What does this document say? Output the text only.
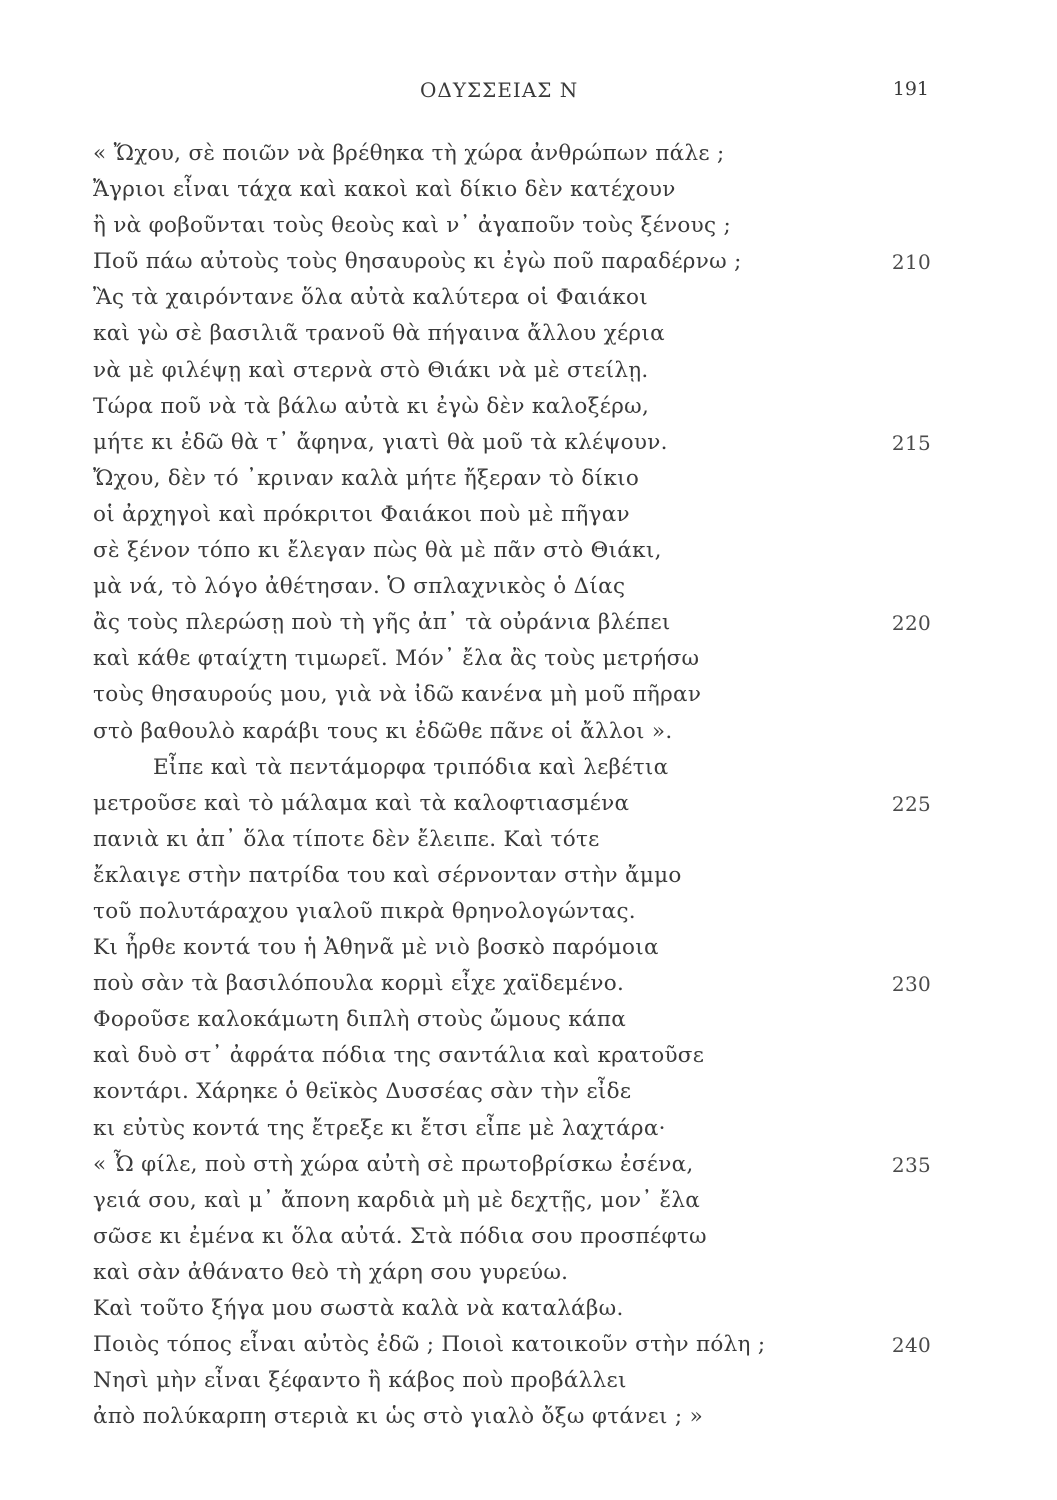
ΟΔΥΣΣΕΙΑΣ Ν	191
« Ὤχου, σὲ ποιῶν νὰ βρέθηκα τὴ χώρα ἀνθρώπων πάλε ;
Ἄγριοι εἶναι τάχα καὶ κακοὶ καὶ δίκιο δὲν κατέχουν
ἢ νὰ φοβοῦνται τοὺς θεοὺς καὶ ν᾽ ἀγαποῦν τοὺς ξένους ;
Ποῦ πάω αὐτοὺς τοὺς θησαυροὺς κι ἐγὼ ποῦ παραδέρνω ;	210
Ἂς τὰ χαιρόντανε ὅλα αὐτὰ καλύτερα οἱ Φαιάκοι
καὶ γὼ σὲ βασιλιᾶ τρανοῦ θὰ πήγαινα ἄλλου χέρια
νὰ μὲ φιλέψῃ καὶ στερνὰ στὸ Θιάκι νὰ μὲ στείλῃ.
Τώρα ποῦ νὰ τὰ βάλω αὐτὰ κι ἐγὼ δὲν καλοξέρω,
μήτε κι ἐδῶ θὰ τ᾽ ἄφηνα, γιατὶ θὰ μοῦ τὰ κλέψουν.	215
Ὤχου, δὲν τό ᾽κριναν καλὰ μήτε ἤξεραν τὸ δίκιο
οἱ ἀρχηγοὶ καὶ πρόκριτοι Φαιάκοι ποὺ μὲ πῆγαν
σὲ ξένον τόπο κι ἔλεγαν πὼς θὰ μὲ πᾶν στὸ Θιάκι,
μὰ νά, τὸ λόγο ἀθέτησαν. Ὁ σπλαχνικὸς ὁ Δίας
ἂς τοὺς πλερώσῃ ποὺ τὴ γῆς ἀπ᾽ τὰ οὐράνια βλέπει	220
καὶ κάθε φταίχτη τιμωρεῖ. Μόν᾽ ἔλα ἂς τοὺς μετρήσω
τοὺς θησαυρούς μου, γιὰ νὰ ἰδῶ κανένα μὴ μοῦ πῆραν
στὸ βαθουλὸ καράβι τους κι ἐδῶθε πᾶνε οἱ ἄλλοι ».
Εἶπε καὶ τὰ πεντάμορφα τριπόδια καὶ λεβέτια
μετροῦσε καὶ τὸ μάλαμα καὶ τὰ καλοφτιασμένα	225
πανιὰ κι ἀπ᾽ ὅλα τίποτε δὲν ἔλειπε. Καὶ τότε
ἔκλαιγε στὴν πατρίδα του καὶ σέρνονταν στὴν ἄμμο
τοῦ πολυτάραχου γιαλοῦ πικρὰ θρηνολογώντας.
Κι ἦρθε κοντά του ἡ Ἀθηνᾶ μὲ νιὸ βοσκὸ παρόμοια
ποὺ σὰν τὰ βασιλόπουλα κορμὶ εἶχε χαϊδεμένο.	230
Φοροῦσε καλοκάμωτη διπλὴ στοὺς ὤμους κάπα
καὶ δυὸ στ᾽ ἀφράτα πόδια της σαντάλια καὶ κρατοῦσε
κοντάρι. Χάρηκε ὁ θεϊκὸς Δυσσέας σὰν τὴν εἶδε
κι εὐτὺς κοντά της ἔτρεξε κι ἔτσι εἶπε μὲ λαχτάρα·
« Ὦ φίλε, ποὺ στὴ χώρα αὐτὴ σὲ πρωτοβρίσκω ἐσένα,	235
γειά σου, καὶ μ᾽ ἄπονη καρδιὰ μὴ μὲ δεχτῇς, μον᾽ ἔλα
σῶσε κι ἐμένα κι ὅλα αὐτά. Στὰ πόδια σου προσπέφτω
καὶ σὰν ἀθάνατο θεὸ τὴ χάρη σου γυρεύω.
Καὶ τοῦτο ξήγα μου σωστὰ καλὰ νὰ καταλάβω.
Ποιὸς τόπος εἶναι αὐτὸς ἐδῶ ; Ποιοὶ κατοικοῦν στὴν πόλη ;	240
Νησὶ μὴν εἶναι ξέφαντο ἢ κάβος ποὺ προβάλλει
ἀπὸ πολύκαρπη στεριὰ κι ὡς στὸ γιαλὸ ὄξω φτάνει ; »
